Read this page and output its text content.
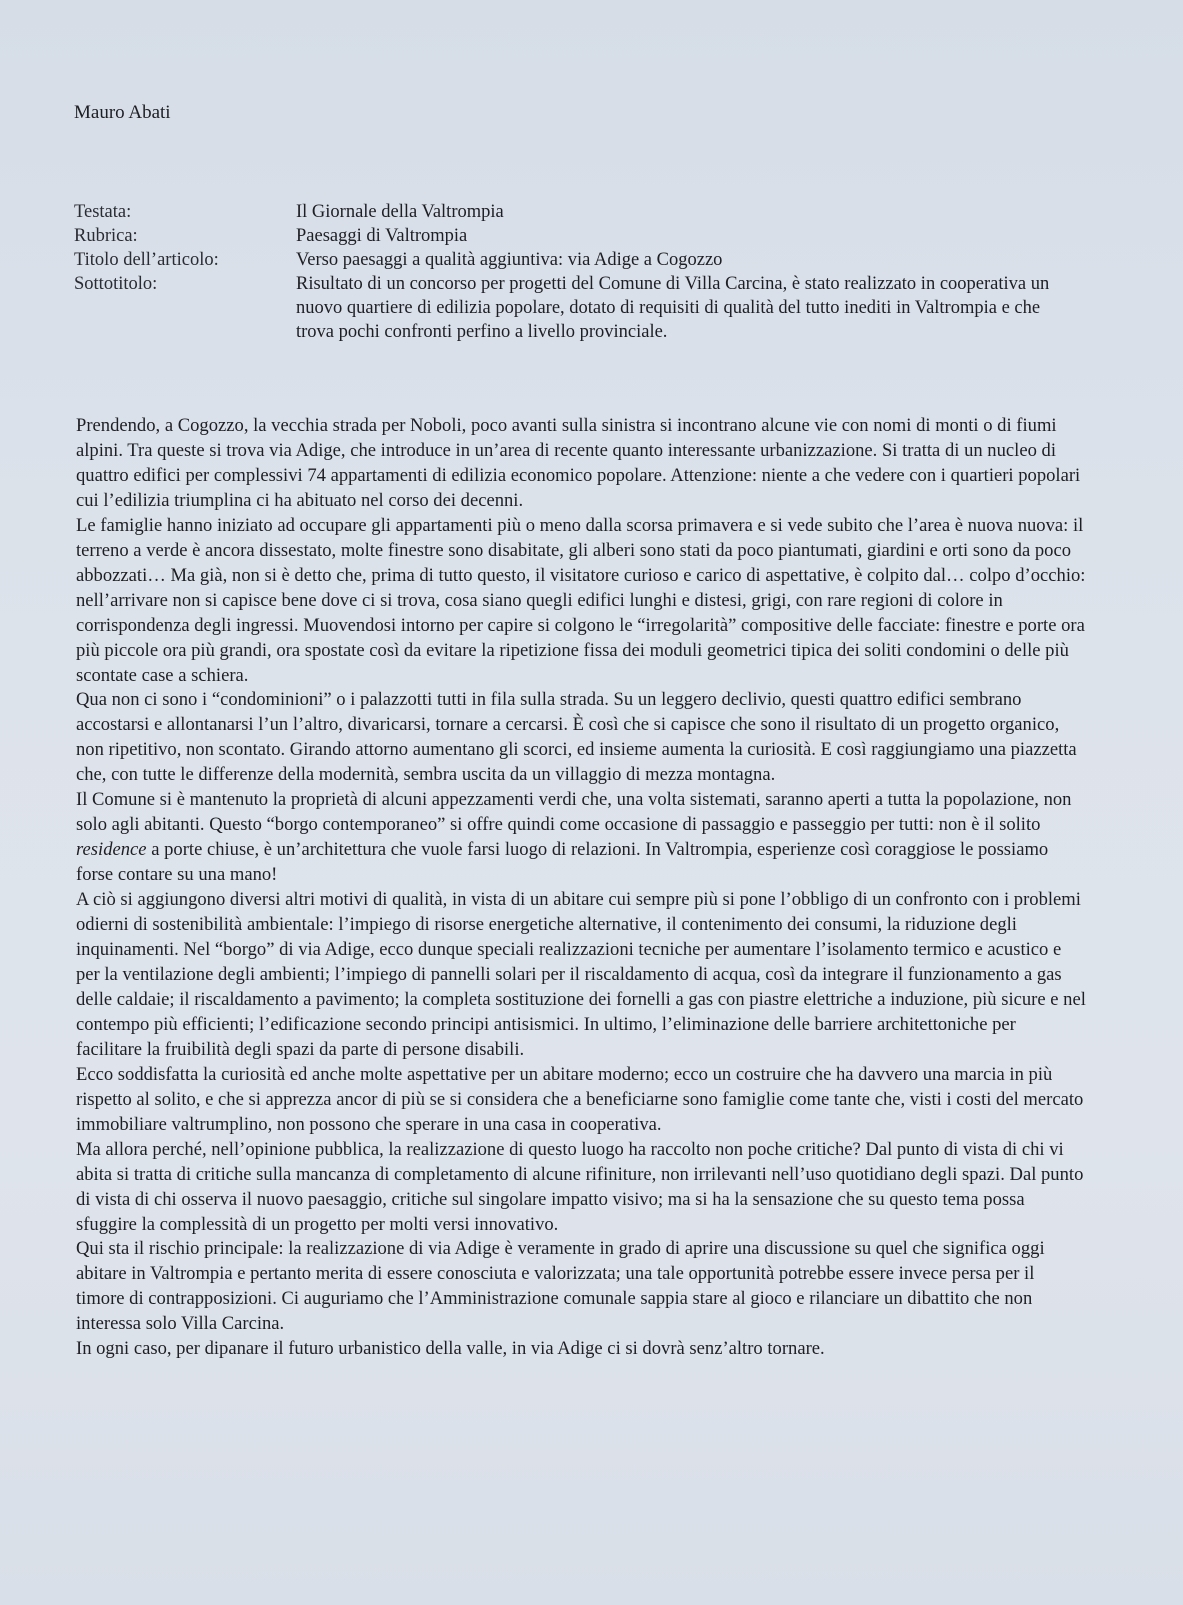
Mauro Abati

Testata:	Il Giornale della Valtrompia
Rubrica:	Paesaggi di Valtrompia
Titolo dell’articolo:	Verso paesaggi a qualità aggiuntiva: via Adige a Cogozzo
Sottotitolo:	Risultato di un concorso per progetti del Comune di Villa Carcina, è stato realizzato in cooperativa un nuovo quartiere di edilizia popolare, dotato di requisiti di qualità del tutto inediti in Valtrompia e che trova pochi confronti perfino a livello provinciale.

Prendendo, a Cogozzo, la vecchia strada per Noboli, poco avanti sulla sinistra si incontrano alcune vie con nomi di monti o di fiumi alpini. Tra queste si trova via Adige, che introduce in un’area di recente quanto interessante urbanizzazione. Si tratta di un nucleo di quattro edifici per complessivi 74 appartamenti di edilizia economico popolare. Attenzione: niente a che vedere con i quartieri popolari cui l’edilizia triumplina ci ha abituato nel corso dei decenni.

Le famiglie hanno iniziato ad occupare gli appartamenti più o meno dalla scorsa primavera e si vede subito che l’area è nuova nuova: il terreno a verde è ancora dissestato, molte finestre sono disabitate, gli alberi sono stati da poco piantumati, giardini e orti sono da poco abbozzati… Ma già, non si è detto che, prima di tutto questo, il visitatore curioso e carico di aspettative, è colpito dal… colpo d’occhio: nell’arrivare non si capisce bene dove ci si trova, cosa siano quegli edifici lunghi e distesi, grigi, con rare regioni di colore in corrispondenza degli ingressi. Muovendosi intorno per capire si colgono le “irregolarità” compositive delle facciate: finestre e porte ora più piccole ora più grandi, ora spostate così da evitare la ripetizione fissa dei moduli geometrici tipica dei soliti condomini o delle più scontate case a schiera.

Qua non ci sono i “condominioni” o i palazzotti tutti in fila sulla strada. Su un leggero declivio, questi quattro edifici sembrano accostarsi e allontanarsi l’un l’altro, divaricarsi, tornare a cercarsi. È così che si capisce che sono il risultato di un progetto organico, non ripetitivo, non scontato. Girando attorno aumentano gli scorci, ed insieme aumenta la curiosità. E così raggiungiamo una piazzetta che, con tutte le differenze della modernità, sembra uscita da un villaggio di mezza montagna.

Il Comune si è mantenuto la proprietà di alcuni appezzamenti verdi che, una volta sistemati, saranno aperti a tutta la popolazione, non solo agli abitanti. Questo “borgo contemporaneo” si offre quindi come occasione di passaggio e passeggio per tutti: non è il solito residence a porte chiuse, è un’architettura che vuole farsi luogo di relazioni. In Valtrompia, esperienze così coraggiose le possiamo forse contare su una mano!

A ciò si aggiungono diversi altri motivi di qualità, in vista di un abitare cui sempre più si pone l’obbligo di un confronto con i problemi odierni di sostenibilità ambientale: l’impiego di risorse energetiche alternative, il contenimento dei consumi, la riduzione degli inquinamenti. Nel “borgo” di via Adige, ecco dunque speciali realizzazioni tecniche per aumentare l’isolamento termico e acustico e per la ventilazione degli ambienti; l’impiego di pannelli solari per il riscaldamento di acqua, così da integrare il funzionamento a gas delle caldaie; il riscaldamento a pavimento; la completa sostituzione dei fornelli a gas con piastre elettriche a induzione, più sicure e nel contempo più efficienti; l’edificazione secondo principi antisismici. In ultimo, l’eliminazione delle barriere architettoniche per facilitare la fruibilità degli spazi da parte di persone disabili.

Ecco soddisfatta la curiosità ed anche molte aspettative per un abitare moderno; ecco un costruire che ha davvero una marcia in più rispetto al solito, e che si apprezza ancor di più se si considera che a beneficiarne sono famiglie come tante che, visti i costi del mercato immobiliare valtrumplino, non possono che sperare in una casa in cooperativa.

Ma allora perché, nell’opinione pubblica, la realizzazione di questo luogo ha raccolto non poche critiche? Dal punto di vista di chi vi abita si tratta di critiche sulla mancanza di completamento di alcune rifiniture, non irrilevanti nell’uso quotidiano degli spazi. Dal punto di vista di chi osserva il nuovo paesaggio, critiche sul singolare impatto visivo; ma si ha la sensazione che su questo tema possa sfuggire la complessità di un progetto per molti versi innovativo.

Qui sta il rischio principale: la realizzazione di via Adige è veramente in grado di aprire una discussione su quel che significa oggi abitare in Valtrompia e pertanto merita di essere conosciuta e valorizzata; una tale opportunità potrebbe essere invece persa per il timore di contrapposizioni. Ci auguriamo che l’Amministrazione comunale sappia stare al gioco e rilanciare un dibattito che non interessa solo Villa Carcina.

In ogni caso, per dipanare il futuro urbanistico della valle, in via Adige ci si dovrà senz’altro tornare.
